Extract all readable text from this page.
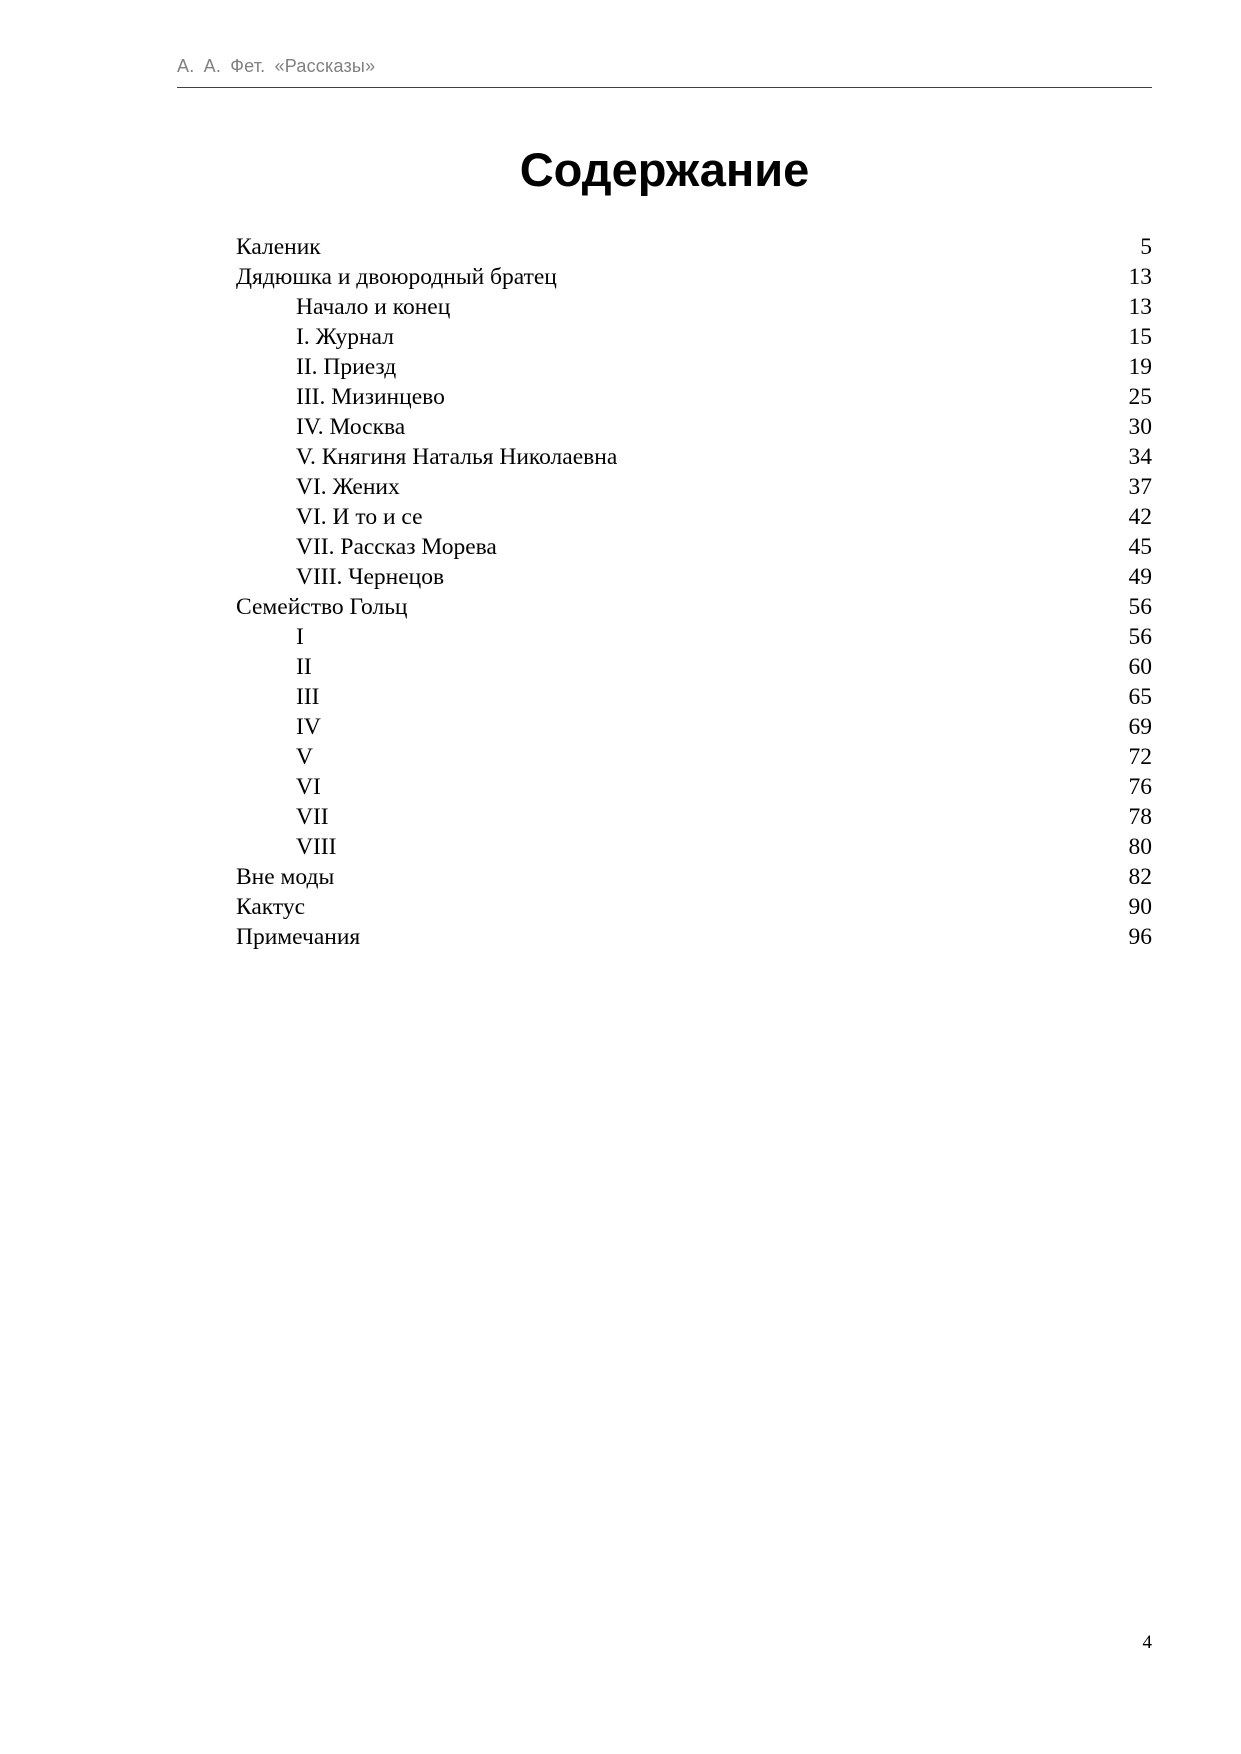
А. А. Фет. «Рассказы»
Содержание
Каленик	5
Дядюшка и двоюродный братец	13
Начало и конец	13
I. Журнал	15
II. Приезд	19
III. Мизинцево	25
IV. Москва	30
V. Княгиня Наталья Николаевна	34
VI. Жених	37
VI. И то и се	42
VII. Рассказ Морева	45
VIII. Чернецов	49
Семейство Гольц	56
I	56
II	60
III	65
IV	69
V	72
VI	76
VII	78
VIII	80
Вне моды	82
Кактус	90
Примечания	96
4
